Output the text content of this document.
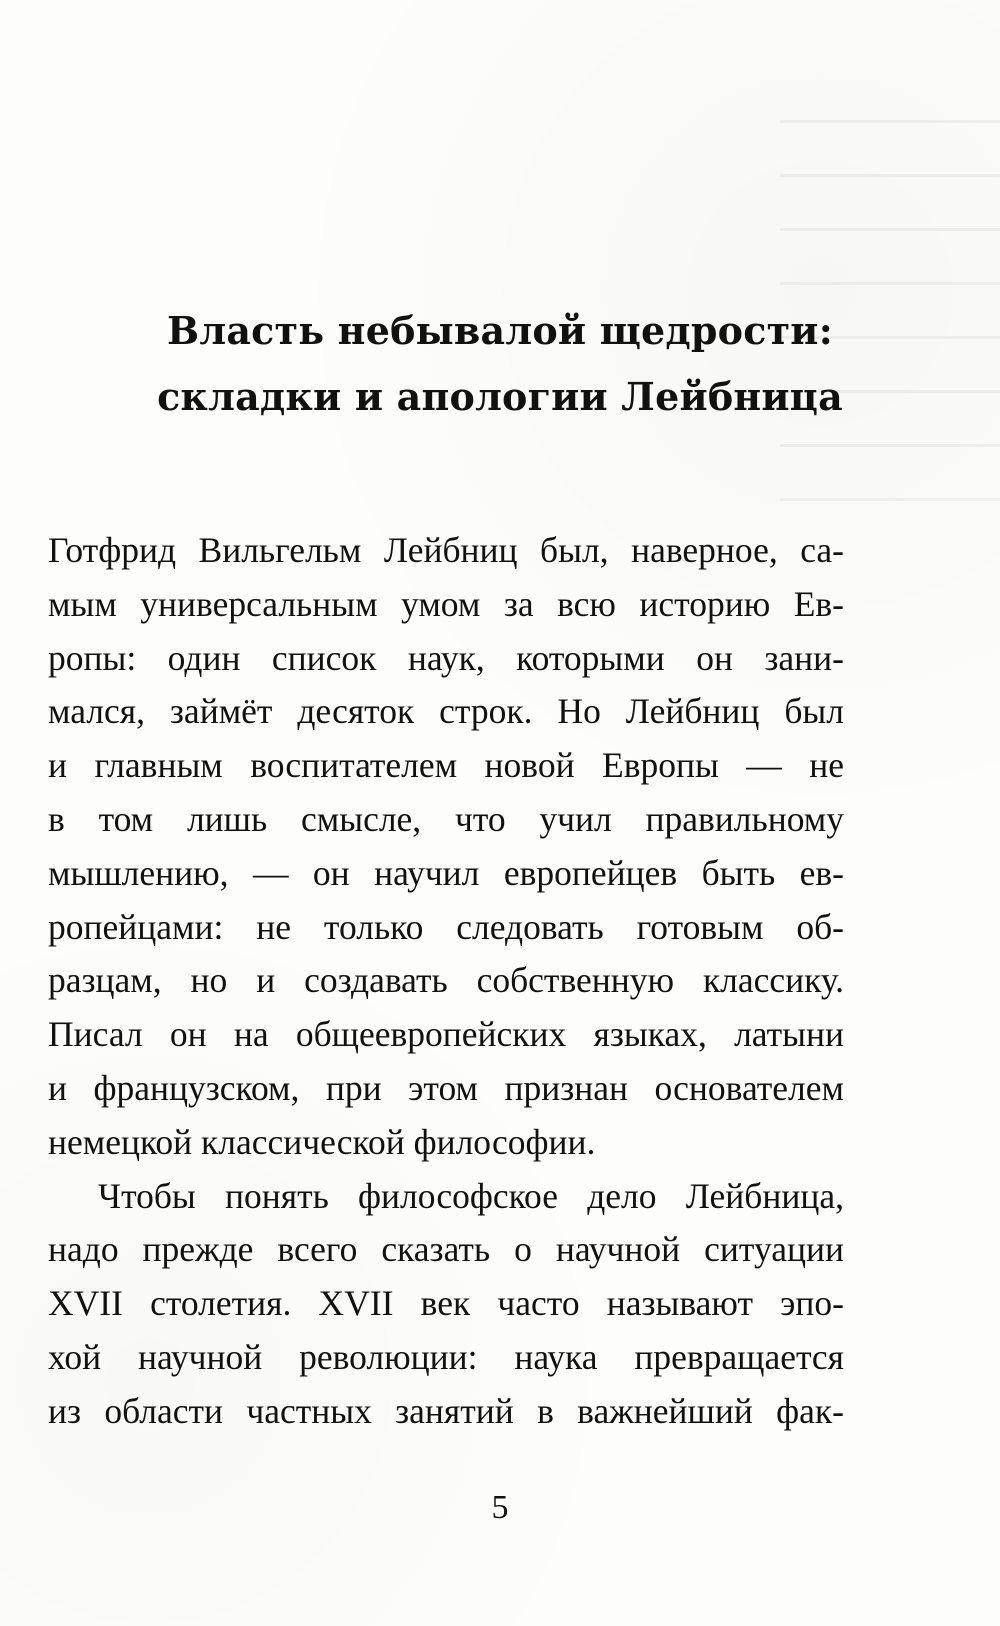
Власть небывалой щедрости:
складки и апологии Лейбница

Готфрид Вильгельм Лейбниц был, наверное, са-
мым универсальным умом за всю историю Ев-
ропы: один список наук, которыми он зани-
мался, займёт десяток строк. Но Лейбниц был
и главным воспитателем новой Европы — не
в том лишь смысле, что учил правильному
мышлению, — он научил европейцев быть ев-
ропейцами: не только следовать готовым об-
разцам, но и создавать собственную классику.
Писал он на общеевропейских языках, латыни
и французском, при этом признан основателем
немецкой классической философии.

Чтобы понять философское дело Лейбница,
надо прежде всего сказать о научной ситуации
XVII столетия. XVII век часто называют эпо-
хой научной революции: наука превращается
из области частных занятий в важнейший фак-

5
